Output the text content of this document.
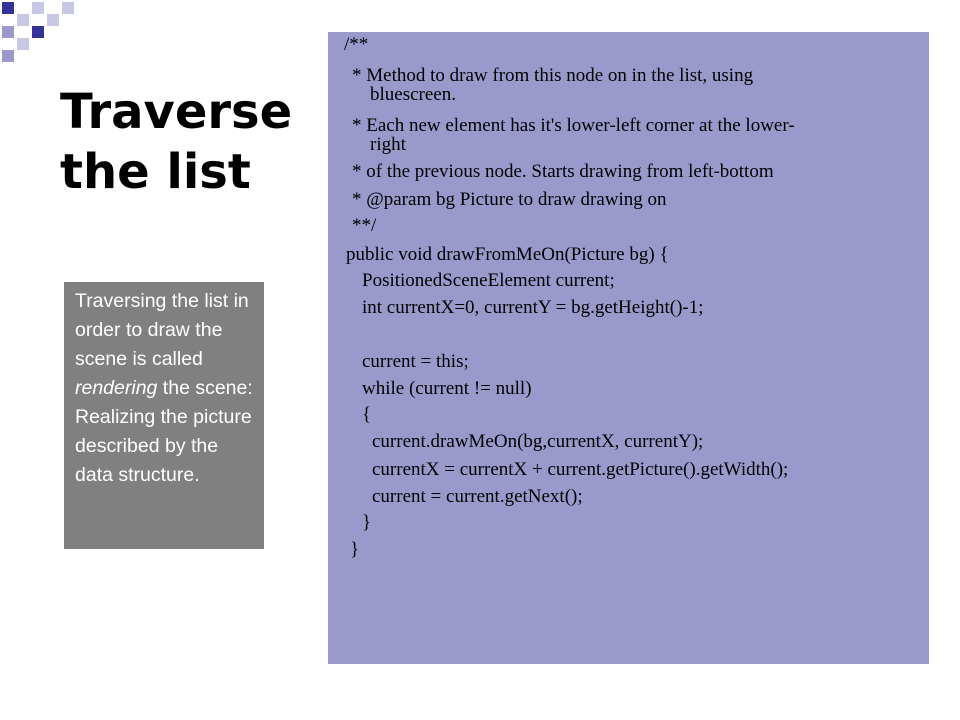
Traverse
the list
Traversing the list in order to draw the scene is called rendering the scene: Realizing the picture described by the data structure.
/**
* Method to draw from this node on in the list, using
bluescreen.
* Each new element has it's lower-left corner at the lower-
right
* of the previous node. Starts drawing from left-bottom
* @param bg Picture to draw drawing on
**/
public void drawFromMeOn(Picture bg) {
PositionedSceneElement current;
int currentX=0, currentY = bg.getHeight()-1;
current = this;
while (current != null)
{
current.drawMeOn(bg,currentX, currentY);
currentX = currentX + current.getPicture().getWidth();
current = current.getNext();
}
}
